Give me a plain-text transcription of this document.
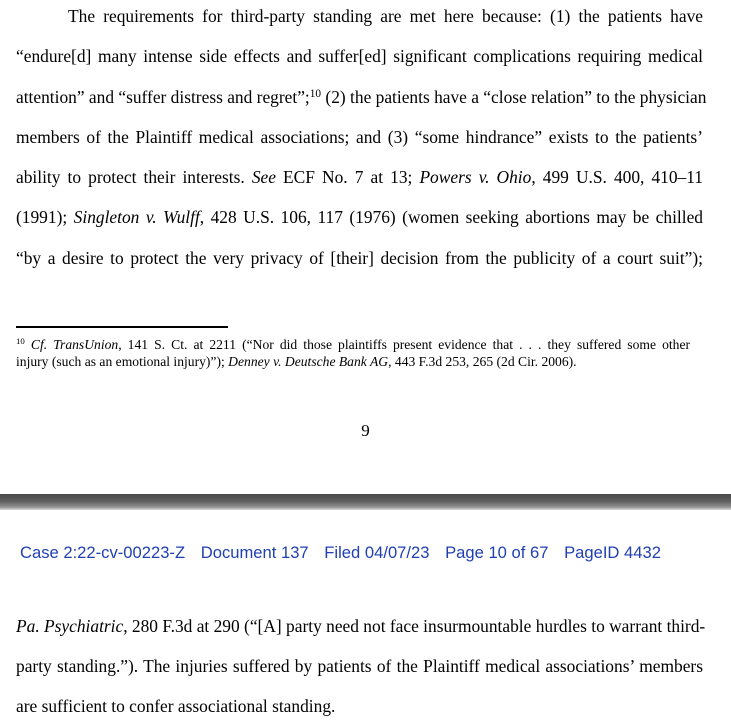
The requirements for third-party standing are met here because: (1) the patients have
“endure[d] many intense side effects and suffer[ed] significant complications requiring medical
attention” and “suffer distress and regret”;$^{10}$ (2) the patients have a “close relation” to the physician
members of the Plaintiff medical associations; and (3) “some hindrance” exists to the patients’
ability to protect their interests. See ECF No. 7 at 13; Powers v. Ohio, 499 U.S. 400, 410–11
(1991); Singleton v. Wulff, 428 U.S. 106, 117 (1976) (women seeking abortions may be chilled
“by a desire to protect the very privacy of [their] decision from the publicity of a court suit”);
$^{10}$ Cf. TransUnion, 141 S. Ct. at 2211 (“Nor did those plaintiffs present evidence that . . . they suffered some other
injury (such as an emotional injury)”); Denney v. Deutsche Bank AG, 443 F.3d 253, 265 (2d Cir. 2006).
9
Case 2:22-cv-00223-Z Document 137 Filed 04/07/23 Page 10 of 67 PageID 4432
Pa. Psychiatric, 280 F.3d at 290 (“[A] party need not face insurmountable hurdles to warrant third-
party standing.”). The injuries suffered by patients of the Plaintiff medical associations’ members
are sufficient to confer associational standing.
